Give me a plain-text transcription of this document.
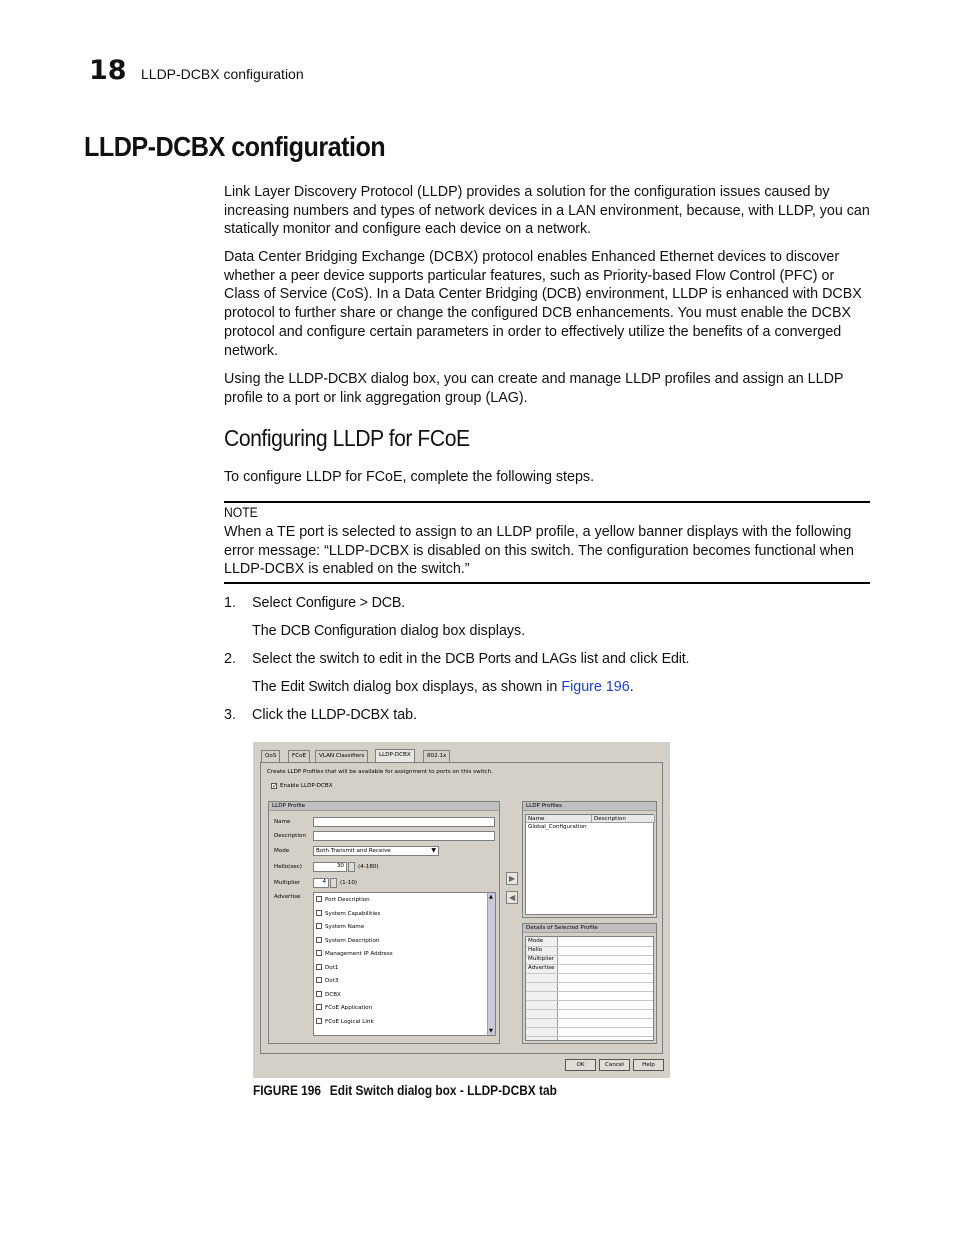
18 LLDP-DCBX configuration
LLDP-DCBX configuration
Link Layer Discovery Protocol (LLDP) provides a solution for the configuration issues caused by increasing numbers and types of network devices in a LAN environment, because, with LLDP, you can statically monitor and configure each device on a network.
Data Center Bridging Exchange (DCBX) protocol enables Enhanced Ethernet devices to discover whether a peer device supports particular features, such as Priority-based Flow Control (PFC) or Class of Service (CoS). In a Data Center Bridging (DCB) environment, LLDP is enhanced with DCBX protocol to further share or change the configured DCB enhancements. You must enable the DCBX protocol and configure certain parameters in order to effectively utilize the benefits of a converged network.
Using the LLDP-DCBX dialog box, you can create and manage LLDP profiles and assign an LLDP profile to a port or link aggregation group (LAG).
Configuring LLDP for FCoE
To configure LLDP for FCoE, complete the following steps.
NOTE
When a TE port is selected to assign to an LLDP profile, a yellow banner displays with the following error message: “LLDP-DCBX is disabled on this switch. The configuration becomes functional when LLDP-DCBX is enabled on the switch.”
1. Select Configure > DCB.
The DCB Configuration dialog box displays.
2. Select the switch to edit in the DCB Ports and LAGs list and click Edit.
The Edit Switch dialog box displays, as shown in Figure 196.
3. Click the LLDP-DCBX tab.
QoS	FCoE	VLAN Classifiers	LLDP-DCBX	802.1x
Create LLDP Profiles that will be available for assignment to ports on this switch.
✓ Enable LLDP-DCBX
LLDP Profile
Name
Description
Mode	Both Transmit and Receive	▼
Hello(sec)	30	(4-180)
Multiplier	4	(1-10)
Advertise	▲
▼
Port Description
System Capabilities
System Name
System Description
Management IP Address
Dot1
Dot3
DCBX
FCoE Application
FCoE Logical Link
▶
◀
LLDP Profiles
Name	Description
Global_Configuration
Details of Selected Profile
Mode
Hello
Multiplier
Advertise
OK	Cancel	Help
FIGURE 196 Edit Switch dialog box - LLDP-DCBX tab
